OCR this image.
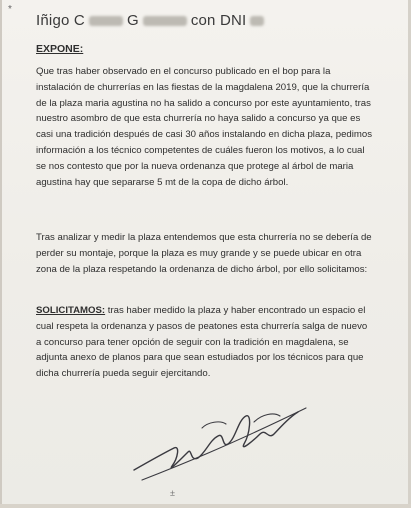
*
Iñigo C	G	con DNI
EXPONE:

Que tras haber observado en el concurso publicado en el bop para la instalación de churrerías en las fiestas de la magdalena 2019, que la churrería de la plaza maria agustina no ha salido a concurso por este ayuntamiento, tras nuestro asombro de que esta churrería no haya salido a concurso ya que es casi una tradición después de casi 30 años instalando en dicha plaza, pedimos información a los técnico competentes de cuáles fueron los motivos, a lo cual se nos contesto que por la nueva ordenanza que protege al árbol de maria agustina hay que separarse 5 mt de la copa de dicho árbol.

Tras analizar y medir la plaza entendemos que esta churrería no se debería de perder su montaje, porque la plaza es muy grande y se puede ubicar en otra zona de la plaza respetando la ordenanza de dicho árbol, por ello solicitamos:

SOLICITAMOS: tras haber medido la plaza y haber encontrado un espacio el cual respeta la ordenanza y pasos de peatones esta churrería salga de nuevo a concurso para tener opción de seguir con la tradición en magdalena, se adjunta anexo de planos para que sean estudiados por los técnicos para que dicha churrería pueda seguir ejercitando.

±
